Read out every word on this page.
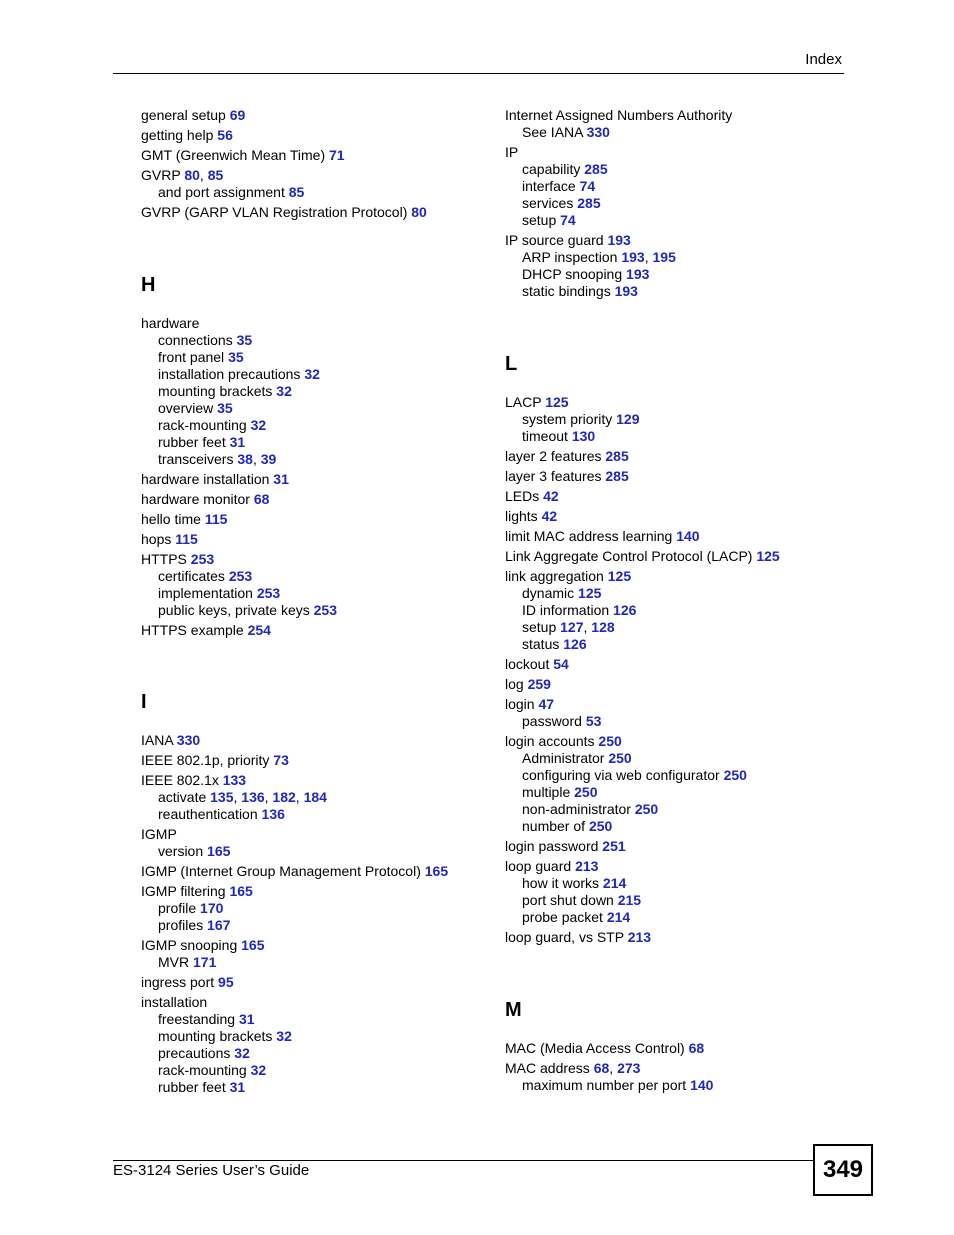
Index
general setup 69
getting help 56
GMT (Greenwich Mean Time) 71
GVRP 80, 85
and port assignment 85
GVRP (GARP VLAN Registration Protocol) 80
H
hardware
connections 35
front panel 35
installation precautions 32
mounting brackets 32
overview 35
rack-mounting 32
rubber feet 31
transceivers 38, 39
hardware installation 31
hardware monitor 68
hello time 115
hops 115
HTTPS 253
certificates 253
implementation 253
public keys, private keys 253
HTTPS example 254
I
IANA 330
IEEE 802.1p, priority 73
IEEE 802.1x 133
activate 135, 136, 182, 184
reauthentication 136
IGMP
version 165
IGMP (Internet Group Management Protocol) 165
IGMP filtering 165
profile 170
profiles 167
IGMP snooping 165
MVR 171
ingress port 95
installation
freestanding 31
mounting brackets 32
precautions 32
rack-mounting 32
rubber feet 31
Internet Assigned Numbers Authority
See IANA 330
IP
capability 285
interface 74
services 285
setup 74
IP source guard 193
ARP inspection 193, 195
DHCP snooping 193
static bindings 193
L
LACP 125
system priority 129
timeout 130
layer 2 features 285
layer 3 features 285
LEDs 42
lights 42
limit MAC address learning 140
Link Aggregate Control Protocol (LACP) 125
link aggregation 125
dynamic 125
ID information 126
setup 127, 128
status 126
lockout 54
log 259
login 47
password 53
login accounts 250
Administrator 250
configuring via web configurator 250
multiple 250
non-administrator 250
number of 250
login password 251
loop guard 213
how it works 214
port shut down 215
probe packet 214
loop guard, vs STP 213
M
MAC (Media Access Control) 68
MAC address 68, 273
maximum number per port 140
ES-3124 Series User’s Guide	349
